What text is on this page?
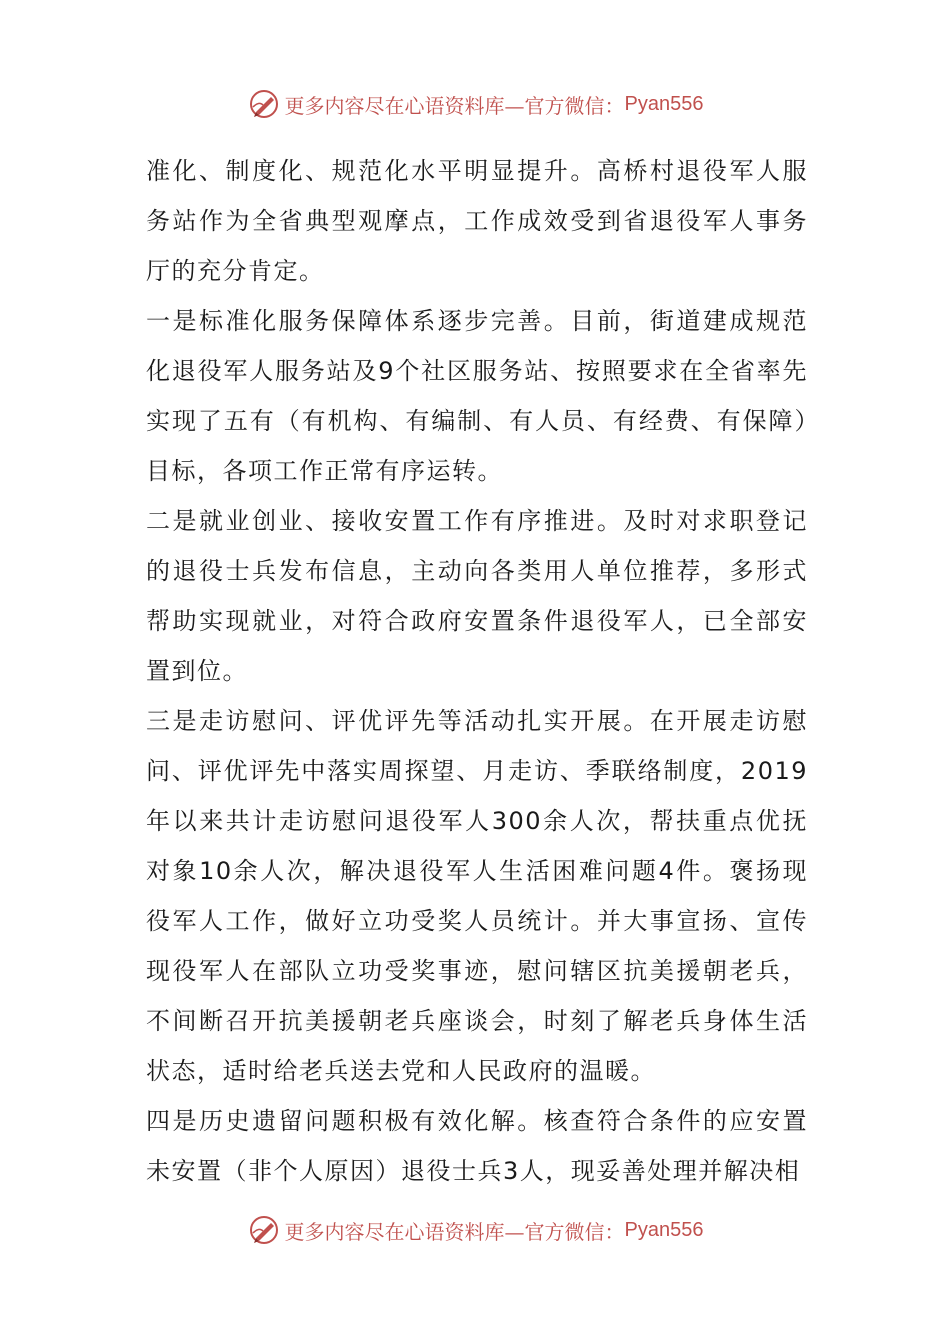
更多内容尽在心语资料库—官方微信： Pyan556

准化、制度化、规范化水平明显提升。高桥村退役军人服务站作为全省典型观摩点，工作成效受到省退役军人事务厅的充分肯定。

一是标准化服务保障体系逐步完善。目前，街道建成规范化退役军人服务站及9个社区服务站、按照要求在全省率先实现了五有（有机构、有编制、有人员、有经费、有保障）目标，各项工作正常有序运转。

二是就业创业、接收安置工作有序推进。及时对求职登记的退役士兵发布信息，主动向各类用人单位推荐，多形式帮助实现就业，对符合政府安置条件退役军人，已全部安置到位。

三是走访慰问、评优评先等活动扎实开展。在开展走访慰问、评优评先中落实周探望、月走访、季联络制度，2019年以来共计走访慰问退役军人300余人次，帮扶重点优抚对象10余人次，解决退役军人生活困难问题4件。褒扬现役军人工作，做好立功受奖人员统计。并大事宣扬、宣传现役军人在部队立功受奖事迹，慰问辖区抗美援朝老兵，不间断召开抗美援朝老兵座谈会，时刻了解老兵身体生活状态，适时给老兵送去党和人民政府的温暖。

四是历史遗留问题积极有效化解。核查符合条件的应安置未安置（非个人原因）退役士兵3人，现妥善处理并解决相

更多内容尽在心语资料库—官方微信： Pyan556
